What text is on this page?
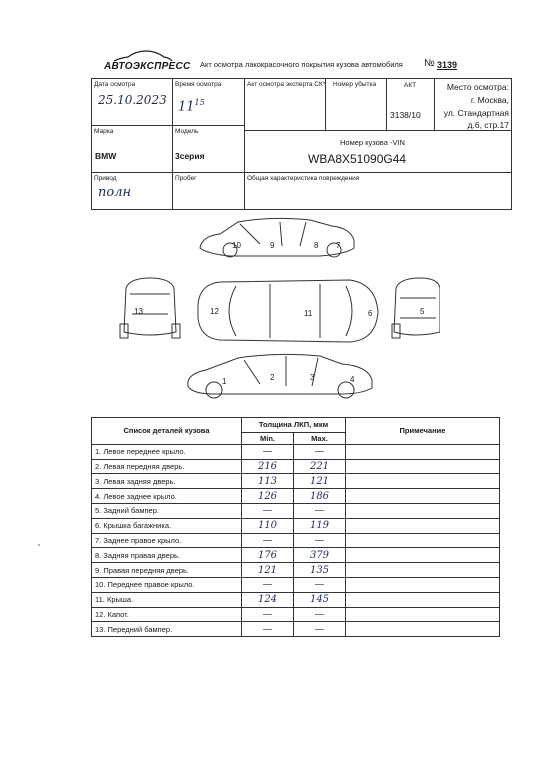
АВТОЭКСПРЕСС Акт осмотра лакокрасочного покрытия кузова автомобиля № 3139
Дата осмотра
25.10.2023
Время осмотра
$11^{15}$
Акт осмотра эксперта СК* Номер убытка	АКТ
3138/10
Место осмотра:
г. Москва,
ул. Стандартная
д.6, стр.17
Марка
BMW
Модель
3серия
Номер кузова -VIN
WBA8X51090G44
Привод
полн
Пробег	Общая характеристика повреждения
10	9	8 7
12	11	6	5
13
1	2	3	4
Список деталей кузова	Толщина ЛКП, мкм		Примечание
	Min.	Max.	
1. Левое переднее крыло.	—	—	
2. Левая передняя дверь.	216	221	
3. Левая задняя дверь.	113	121	
4. Левое заднее крыло.	126	186	
5. Задний бампер.	—	—	
6. Крышка багажника.	110	119	
7. Заднее правое крыло.	—	—	
8. Задняя правая дверь.	176	379	
9. Правая передняя дверь.	121	135	
10. Переднее правое крыло.	—	—	
11. Крыша.	124	145	
12. Капот.	—	—	
13. Передний бампер.	—	—	
